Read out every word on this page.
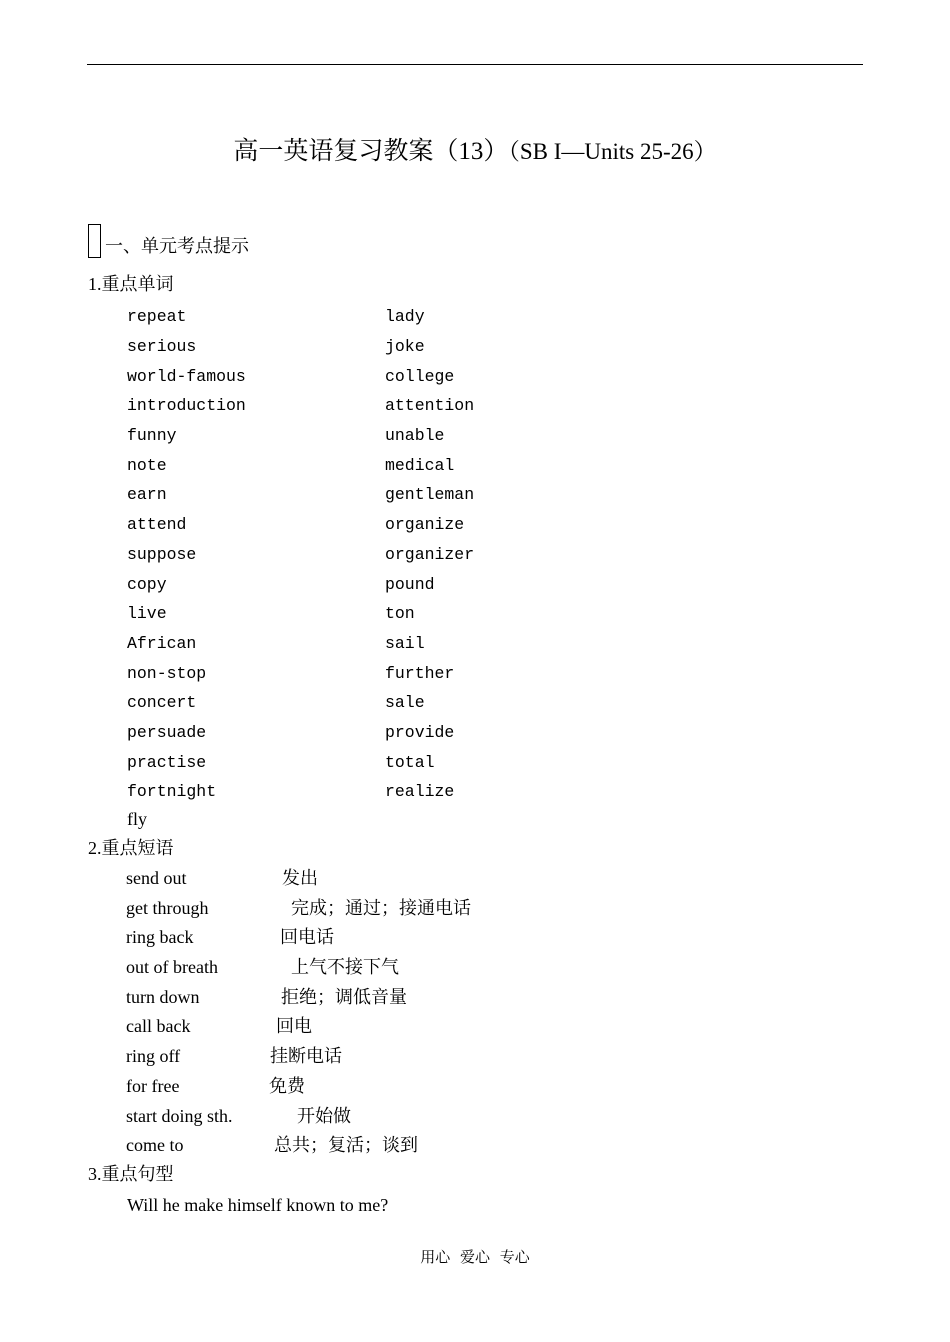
高一英语复习教案（13）（SB I—Units 25-26）
一、单元考点提示
1.重点单词
repeat	lady
serious	joke
world-famous	college
introduction	attention
funny	unable
note	medical
earn	gentleman
attend	organize
suppose	organizer
copy	pound
live	ton
African	sail
non-stop	further
concert	sale
persuade	provide
practise	total
fortnight	realize
fly
2.重点短语
send out	发出
get through	完成；通过；接通电话
ring back	回电话
out of breath	上气不接下气
turn down	拒绝；调低音量
call back	回电
ring off	挂断电话
for free	免费
start doing sth.	开始做
come to	总共；复活；谈到
3.重点句型
Will he make himself known to me?
用心 爱心 专心
